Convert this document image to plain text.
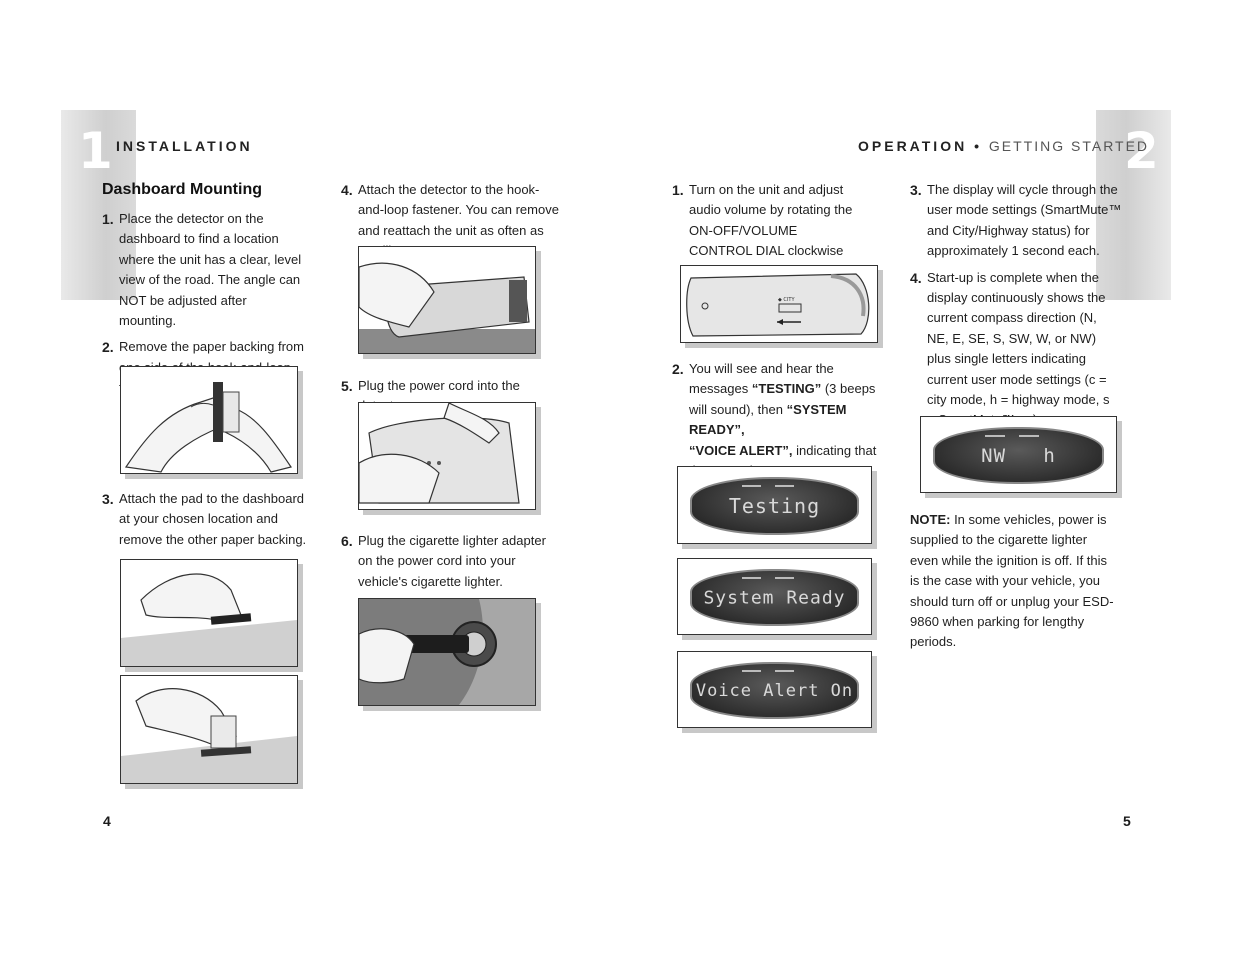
1 INSTALLATION
Dashboard Mounting
1. Place the detector on the dashboard to find a location where the unit has a clear, level view of the road. The angle can NOT be adjusted after mounting.
2. Remove the paper backing from
3. Attach the pad to the dashboard at your chosen location and remove the other paper backing.
4. Attach the detector to the hook-and-loop fastener. You can remove and reattach the unit as often as
5. Plug the power cord into the
6. Plug the cigarette lighter adapter on the power cord into your vehicle's cigarette lighter.
4
2
OPERATION • GETTING STARTED
1. Turn on the unit and adjust audio volume by rotating the ON-OFF/VOLUME CONTROL DIAL clockwise
◆ CITY
2. You will see and hear the messages “TESTING” (3 beeps will sound), then “SYSTEM READY”,
“VOICE ALERT”, indicating that
Testing
System Ready
Voice Alert On
3. The display will cycle through the user mode settings (SmartMute™ and City/Highway status) for approximately 1 second each.
4. Start-up is complete when the display continuously shows the current compass direction (N, NE, E, SE, S, SW, W, or NW) plus single letters indicating current user mode settings (c = city mode, h = highway mode, s
NW   h
NOTE: In some vehicles, power is supplied to the cigarette lighter even while the ignition is off. If this is the case with your vehicle, you should turn off or unplug your ESD-9860 when parking for lengthy periods.
5
